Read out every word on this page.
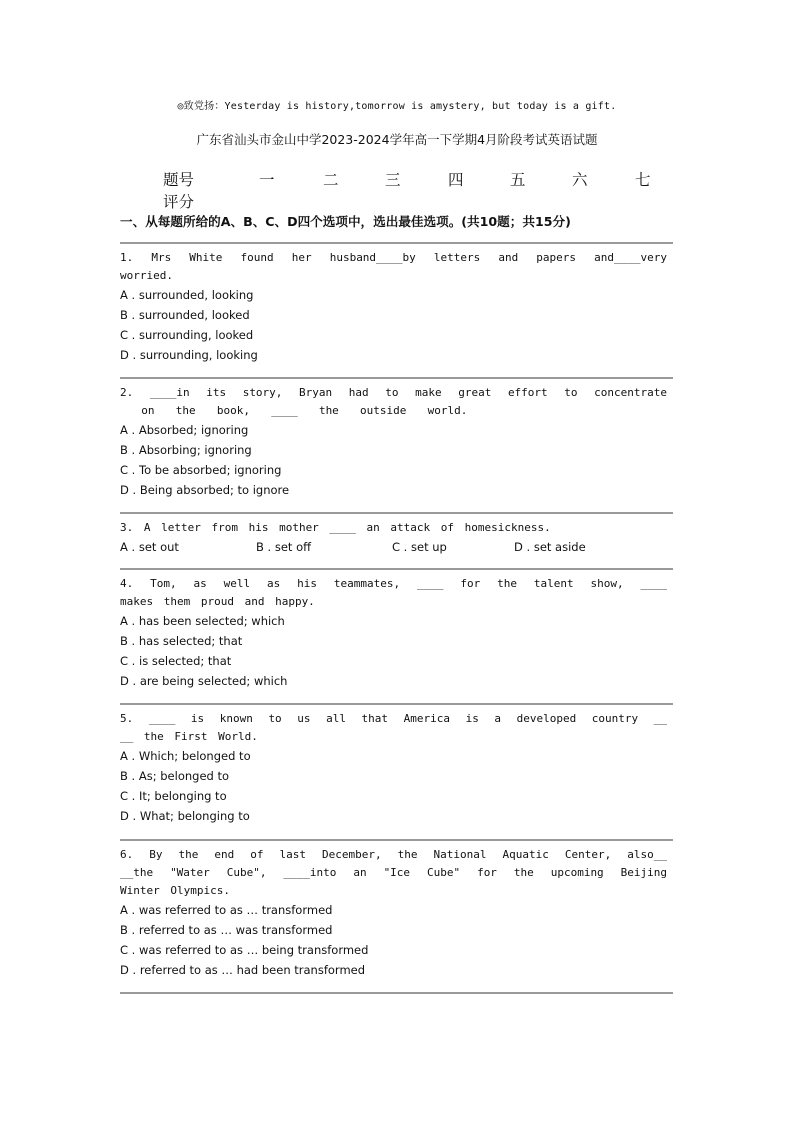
◎致党扬：Yesterday is history,tomorrow is amystery, but today is a gift.
广东省汕头市金山中学2023-2024学年高一下学期4月阶段考试英语试题
题号	一	二	三	四	五	六	七
评分
一、从每题所给的A、B、C、D四个选项中，选出最佳选项。(共10题；共15分)
1. Mrs White found her husband____by letters and papers and____very
worried.
A . surrounded, looking
B . surrounded, looked
C . surrounding, looked
D . surrounding, looking
2. ____in its story, Bryan had to make great effort to concentrate
on  the  book,  ____  the  outside  world.
A . Absorbed; ignoring
B . Absorbing; ignoring
C . To be absorbed; ignoring
D . Being absorbed; to ignore
3. A letter from his mother ____ an attack of homesickness.
A . set out	B . set off	C . set up	D . set aside
4. Tom, as well as his teammates, ____ for the talent show, ____
makes them proud and happy.
A . has been selected; which
B . has selected; that
C . is selected; that
D . are being selected; which
5. ____ is known to us all that America is a developed country __
__ the First World.
A . Which; belonged to
B . As; belonged to
C . It; belonging to
D . What; belonging to
6. By the end of last December, the National Aquatic Center, also__
__the "Water Cube", ____into an "Ice Cube" for the upcoming Beijing
Winter Olympics.
A . was referred to as … transformed
B . referred to as … was transformed
C . was referred to as … being transformed
D . referred to as … had been transformed
